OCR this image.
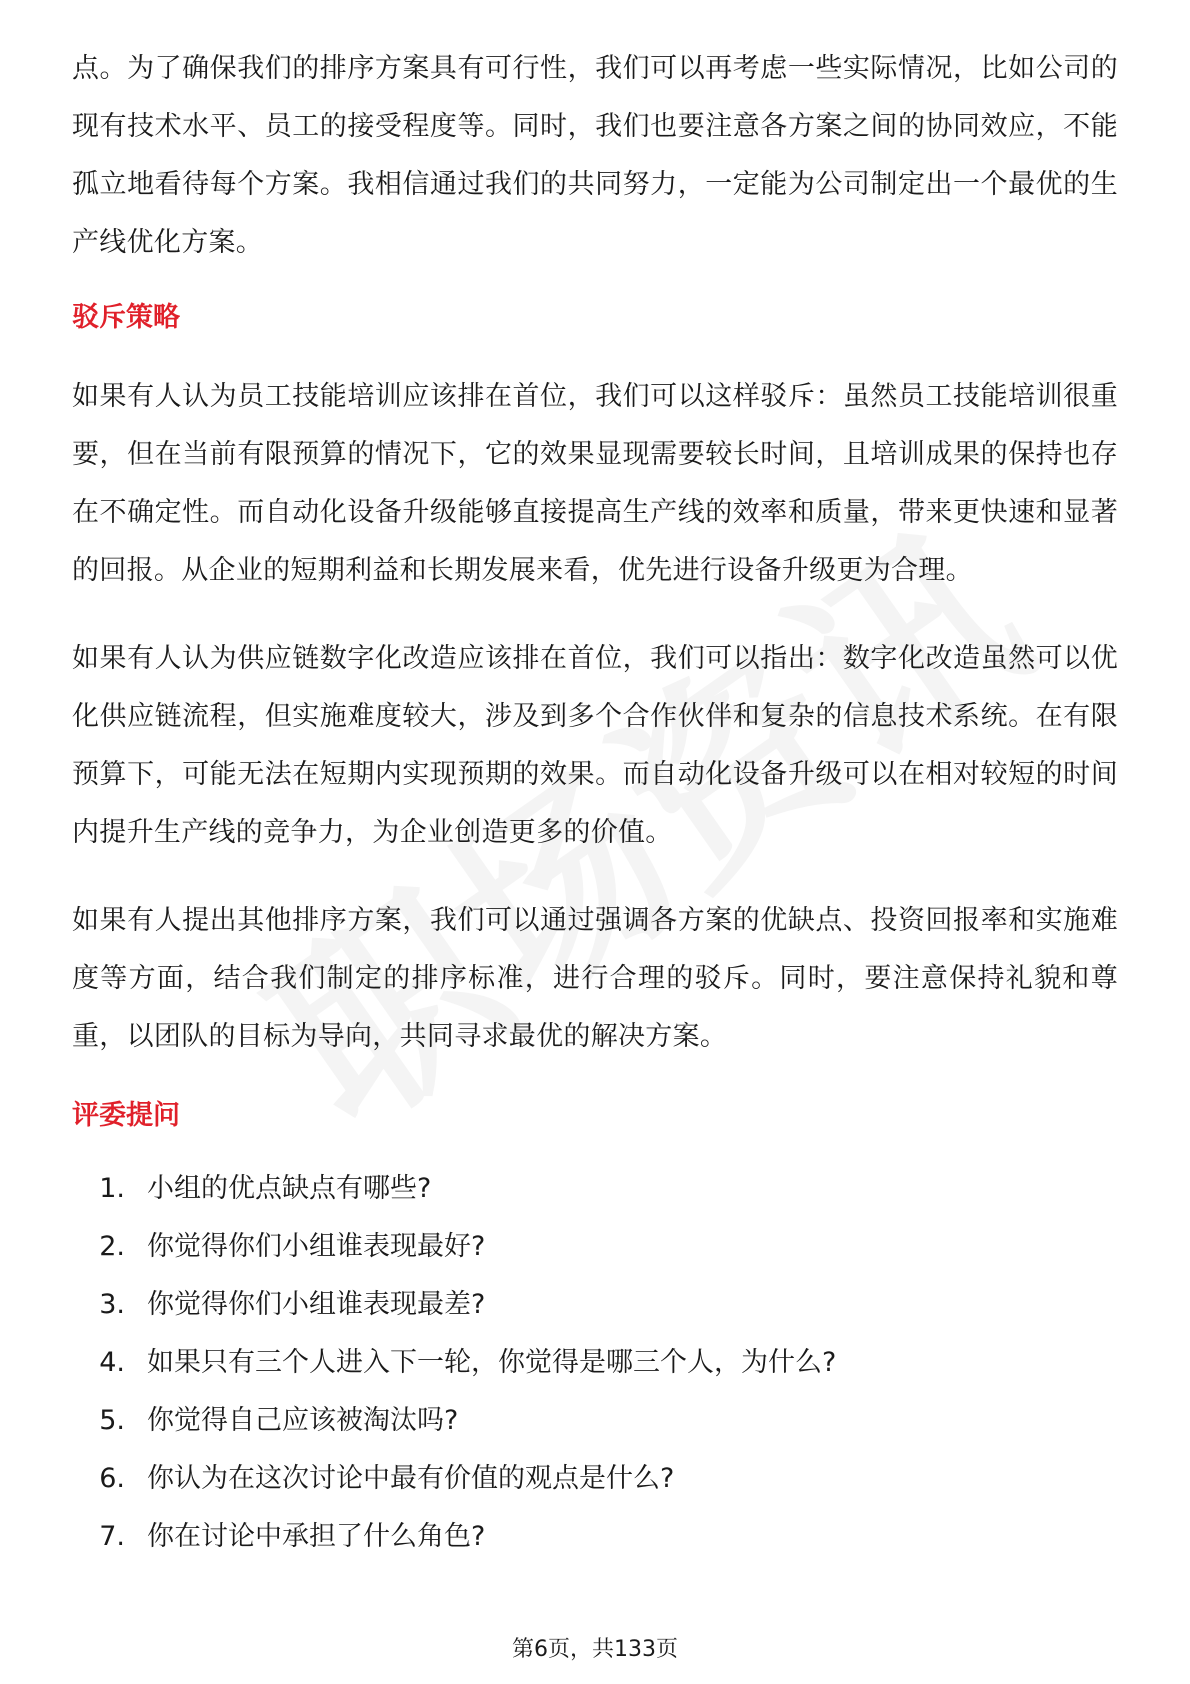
点。为了确保我们的排序方案具有可行性，我们可以再考虑一些实际情况，比如公司的现有技术水平、员工的接受程度等。同时，我们也要注意各方案之间的协同效应，不能孤立地看待每个方案。我相信通过我们的共同努力，一定能为公司制定出一个最优的生产线优化方案。

驳斥策略

如果有人认为员工技能培训应该排在首位，我们可以这样驳斥：虽然员工技能培训很重要，但在当前有限预算的情况下，它的效果显现需要较长时间，且培训成果的保持也存在不确定性。而自动化设备升级能够直接提高生产线的效率和质量，带来更快速和显著的回报。从企业的短期利益和长期发展来看，优先进行设备升级更为合理。

如果有人认为供应链数字化改造应该排在首位，我们可以指出：数字化改造虽然可以优化供应链流程，但实施难度较大，涉及到多个合作伙伴和复杂的信息技术系统。在有限预算下，可能无法在短期内实现预期的效果。而自动化设备升级可以在相对较短的时间内提升生产线的竞争力，为企业创造更多的价值。

如果有人提出其他排序方案，我们可以通过强调各方案的优缺点、投资回报率和实施难度等方面，结合我们制定的排序标准，进行合理的驳斥。同时，要注意保持礼貌和尊重，以团队的目标为导向，共同寻求最优的解决方案。

评委提问
1. 小组的优点缺点有哪些?
2. 你觉得你们小组谁表现最好?
3. 你觉得你们小组谁表现最差?
4. 如果只有三个人进入下一轮，你觉得是哪三个人，为什么?
5. 你觉得自己应该被淘汰吗?
6. 你认为在这次讨论中最有价值的观点是什么?
7. 你在讨论中承担了什么角色?
第6页，共133页
